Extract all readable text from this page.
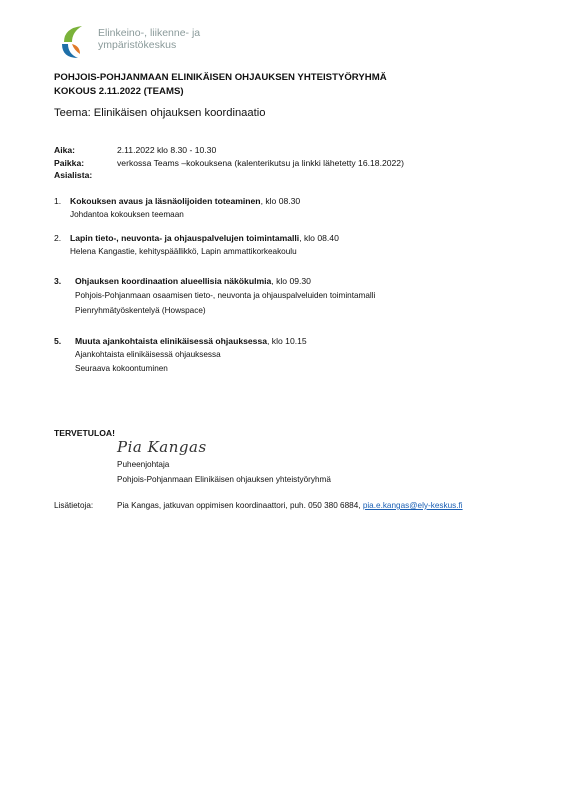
Elinkeino-, liikenne- ja
ympäristökeskus
POHJOIS-POHJANMAAN ELINIKÄISEN OHJAUKSEN YHTEISTYÖRYHMÄ
KOKOUS 2.11.2022 (TEAMS)
Teema: Elinikäisen ohjauksen koordinaatio
Aika:	2.11.2022 klo 8.30 - 10.30
Paikka:	verkossa Teams –kokouksena (kalenterikutsu ja linkki lähetetty 16.18.2022)
Asialista:
1. Kokouksen avaus ja läsnäolijoiden toteaminen, klo 08.30
Johdantoa kokouksen teemaan
2. Lapin tieto-, neuvonta- ja ohjauspalvelujen toimintamalli, klo 08.40
Helena Kangastie, kehityspäällikkö, Lapin ammattikorkeakoulu
3. Ohjauksen koordinaation alueellisia näkökulmia, klo 09.30
Pohjois-Pohjanmaan osaamisen tieto-, neuvonta ja ohjauspalveluiden toimintamalli
Pienryhmätyöskentelyä (Howspace)
5. Muuta ajankohtaista elinikäisessä ohjauksessa, klo 10.15
Ajankohtaista elinikäisessä ohjauksessa
Seuraava kokoontuminen
TERVETULOA!
Pia Kangas
Puheenjohtaja
Pohjois-Pohjanmaan Elinikäisen ohjauksen yhteistyöryhmä
Lisätietoja:	Pia Kangas, jatkuvan oppimisen koordinaattori, puh. 050 380 6884, pia.e.kangas@ely-keskus.fi
